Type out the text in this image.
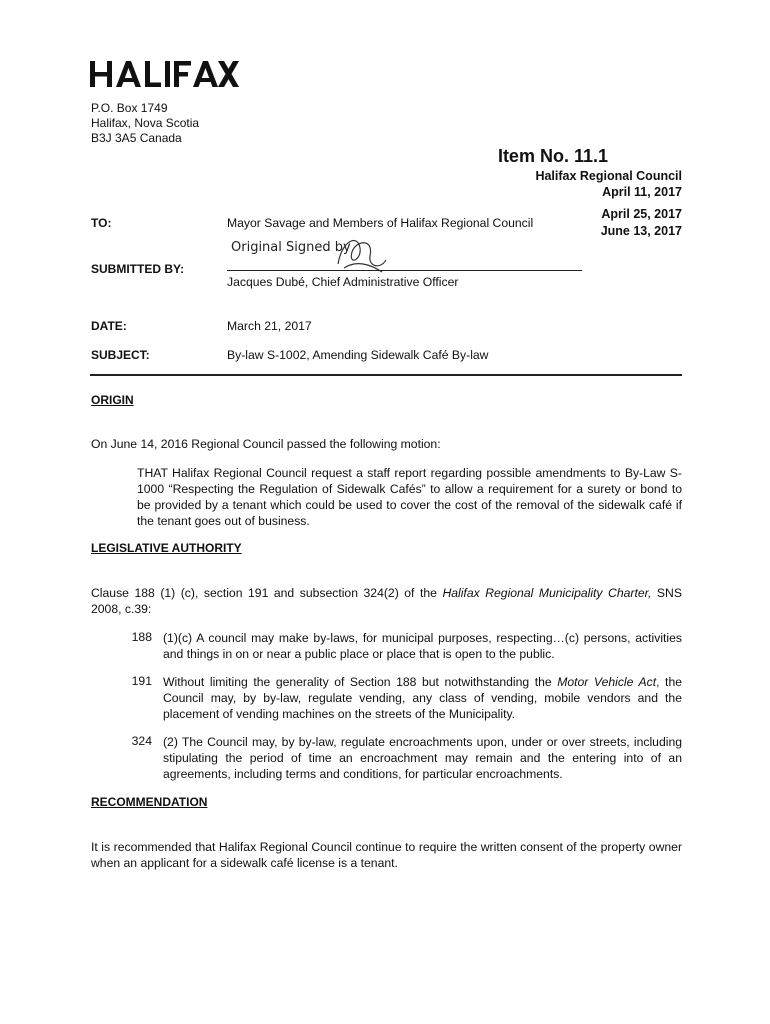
P.O. Box 1749
Halifax, Nova Scotia
B3J 3A5 Canada
Item No. 11.1
Halifax Regional Council
April 11, 2017
April 25, 2017
June 13, 2017
TO:	Mayor Savage and Members of Halifax Regional Council
Original Signed by
SUBMITTED BY:
Jacques Dubé, Chief Administrative Officer
DATE:	March 21, 2017
SUBJECT:	By-law S-1002, Amending Sidewalk Café By-law
ORIGIN
On June 14, 2016 Regional Council passed the following motion:
THAT Halifax Regional Council request a staff report regarding possible amendments to By-Law S-1000 “Respecting the Regulation of Sidewalk Cafés” to allow a requirement for a surety or bond to be provided by a tenant which could be used to cover the cost of the removal of the sidewalk café if the tenant goes out of business.
LEGISLATIVE AUTHORITY
Clause 188 (1) (c), section 191 and subsection 324(2) of the Halifax Regional Municipality Charter, SNS 2008, c.39:
188 (1)(c) A council may make by-laws, for municipal purposes, respecting…(c) persons, activities and things in on or near a public place or place that is open to the public.
191 Without limiting the generality of Section 188 but notwithstanding the Motor Vehicle Act, the Council may, by by-law, regulate vending, any class of vending, mobile vendors and the placement of vending machines on the streets of the Municipality.
324 (2) The Council may, by by-law, regulate encroachments upon, under or over streets, including stipulating the period of time an encroachment may remain and the entering into of an agreements, including terms and conditions, for particular encroachments.
RECOMMENDATION
It is recommended that Halifax Regional Council continue to require the written consent of the property owner when an applicant for a sidewalk café license is a tenant.
